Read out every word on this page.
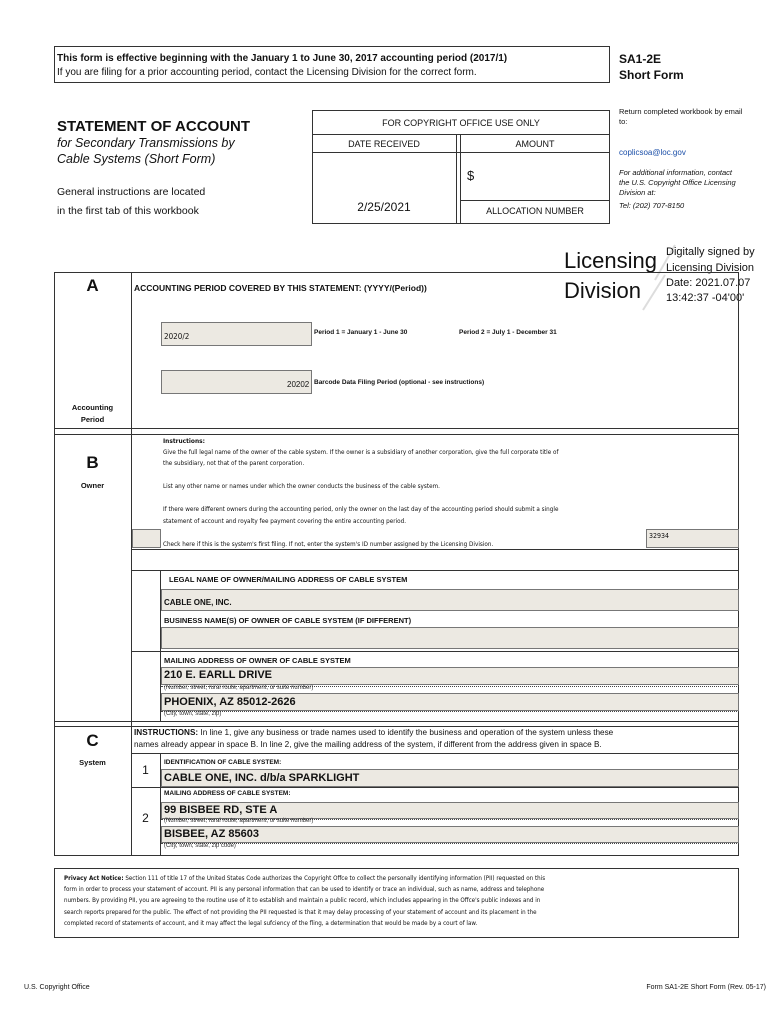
This form is effective beginning with the January 1 to June 30, 2017 accounting period (2017/1)
If you are filing for a prior accounting period, contact the Licensing Division for the correct form.
SA1-2E
Short Form
STATEMENT OF ACCOUNT
for Secondary Transmissions by
Cable Systems (Short Form)
General instructions are located
in the first tab of this workbook
FOR COPYRIGHT OFFICE USE ONLY
DATE RECEIVED	AMOUNT
2/25/2021
$
ALLOCATION NUMBER
Return completed workbook by email to:
coplicsoa@loc.gov
For additional information, contact the U.S. Copyright Office Licensing Division at:
Tel: (202) 707-8150
Licensing
Division
Digitally signed by
Licensing Division
Date: 2021.07.07
13:42:37 -04'00'
A	ACCOUNTING PERIOD COVERED BY THIS STATEMENT: (YYYY/(Period))
2020/2	Period 1 = January 1 - June 30	Period 2 = July 1 - December 31
20202 Barcode Data Filing Period (optional - see instructions)
Accounting
Period
B
Owner
Instructions:
Give the full legal name of the owner of the cable system. If the owner is a subsidiary of another corporation, give the full corporate title of
the subsidiary, not that of the parent corporation.
List any other name or names under which the owner conducts the business of the cable system.
If there were different owners during the accounting period, only the owner on the last day of the accounting period should submit a single
statement of account and royalty fee payment covering the entire accounting period.
Check here if this is the system's first filing. If not, enter the system's ID number assigned by the Licensing Division.
32934
LEGAL NAME OF OWNER/MAILING ADDRESS OF CABLE SYSTEM
CABLE ONE, INC.
BUSINESS NAME(S) OF OWNER OF CABLE SYSTEM (IF DIFFERENT)
MAILING ADDRESS OF OWNER OF CABLE SYSTEM
210 E. EARLL DRIVE
(Number, street, rural route, apartment, or suite number)
PHOENIX, AZ 85012-2626
(City, town, state, zip)
C
System
INSTRUCTIONS: In line 1, give any business or trade names used to identify the business and operation of the system unless these
names already appear in space B. In line 2, give the mailing address of the system, if different from the address given in space B.
1
IDENTIFICATION OF CABLE SYSTEM:
CABLE ONE, INC. d/b/a SPARKLIGHT
MAILING ADDRESS OF CABLE SYSTEM:
2
99 BISBEE RD, STE A
(Number, street, rural route, apartment, or suite number)
BISBEE, AZ 85603
(City, town, state, zip code)
Privacy Act Notice: Section 111 of title 17 of the United States Code authorizes the Copyright Offce to collect the personally identifying information (PII) requested on this
form in order to process your statement of account. PII is any personal information that can be used to identify or trace an individual, such as name, address and telephone
numbers. By providing PII, you are agreeing to the routine use of it to establish and maintain a public record, which includes appearing in the Offce's public indexes and in
search reports prepared for the public. The effect of not providing the PII requested is that it may delay processing of your statement of account and its placement in the
completed record of statements of account, and it may affect the legal sufciency of the fling, a determination that would be made by a court of law.
U.S. Copyright Office	Form SA1-2E Short Form (Rev. 05-17)
